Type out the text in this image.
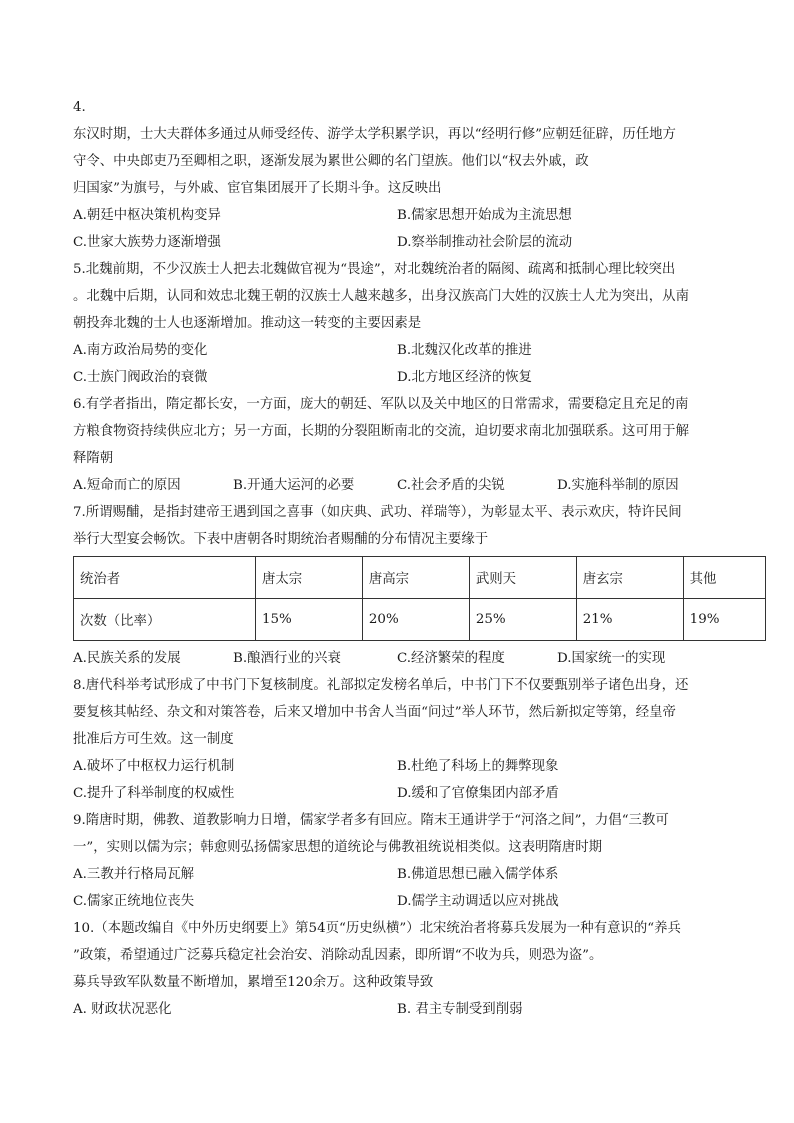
4.
东汉时期，士大夫群体多通过从师受经传、游学太学积累学识，再以“经明行修”应朝廷征辟，历任地方
守令、中央郎吏乃至卿相之职，逐渐发展为累世公卿的名门望族。他们以“权去外戚，政
归国家”为旗号，与外戚、宦官集团展开了长期斗争。这反映出
A.朝廷中枢决策机构变异	B.儒家思想开始成为主流思想
C.世家大族势力逐渐增强	D.察举制推动社会阶层的流动
5.北魏前期，不少汉族士人把去北魏做官视为“畏途”，对北魏统治者的隔阂、疏离和抵制心理比较突出
。北魏中后期，认同和效忠北魏王朝的汉族士人越来越多，出身汉族高门大姓的汉族士人尤为突出，从南
朝投奔北魏的士人也逐渐增加。推动这一转变的主要因素是
A.南方政治局势的变化	B.北魏汉化改革的推进
C.士族门阀政治的衰微	D.北方地区经济的恢复
6.有学者指出，隋定都长安，一方面，庞大的朝廷、军队以及关中地区的日常需求，需要稳定且充足的南
方粮食物资持续供应北方；另一方面，长期的分裂阻断南北的交流，迫切要求南北加强联系。这可用于解
释隋朝
A.短命而亡的原因	B.开通大运河的必要	C.社会矛盾的尖锐	D.实施科举制的原因
7.所谓赐酺，是指封建帝王遇到国之喜事（如庆典、武功、祥瑞等），为彰显太平、表示欢庆，特许民间
举行大型宴会畅饮。下表中唐朝各时期统治者赐酺的分布情况主要缘于
统治者	唐太宗	唐高宗	武则天	唐玄宗	其他
次数（比率）	15%	20%	25%	21%	19%
A.民族关系的发展	B.酿酒行业的兴衰	C.经济繁荣的程度	D.国家统一的实现
8.唐代科举考试形成了中书门下复核制度。礼部拟定发榜名单后，中书门下不仅要甄别举子诸色出身，还
要复核其帖经、杂文和对策答卷，后来又增加中书舍人当面“问过”举人环节，然后新拟定等第，经皇帝
批准后方可生效。这一制度
A.破坏了中枢权力运行机制	B.杜绝了科场上的舞弊现象
C.提升了科举制度的权威性	D.缓和了官僚集团内部矛盾
9.隋唐时期，佛教、道教影响力日增，儒家学者多有回应。隋末王通讲学于“河洛之间”，力倡“三教可
一”，实则以儒为宗；韩愈则弘扬儒家思想的道统论与佛教祖统说相类似。这表明隋唐时期
A.三教并行格局瓦解	B.佛道思想已融入儒学体系
C.儒家正统地位丧失	D.儒学主动调适以应对挑战
10.（本题改编自《中外历史纲要上》第54页“历史纵横”）北宋统治者将募兵发展为一种有意识的“养兵
”政策，希望通过广泛募兵稳定社会治安、消除动乱因素，即所谓“不收为兵，则恐为盗”。
募兵导致军队数量不断增加，累增至120余万。这种政策导致
A. 财政状况恶化	B. 君主专制受到削弱
